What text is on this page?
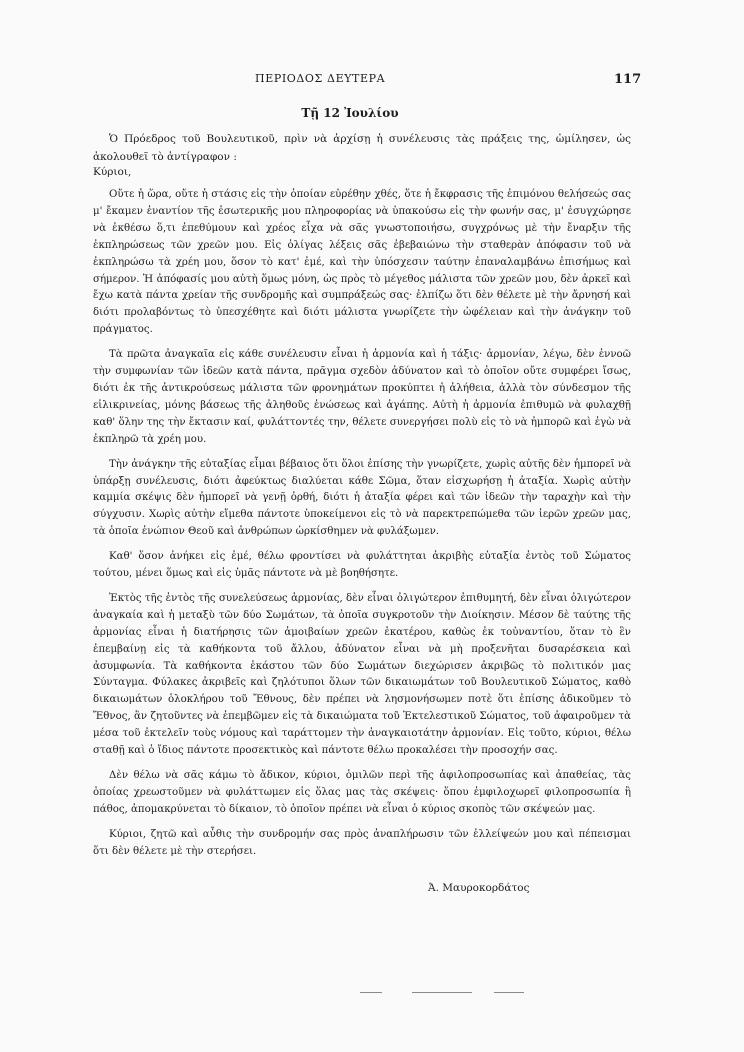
ΠΕΡΙΟΔΟΣ ΔΕΥΤΕΡΑ	117
Τῇ 12 Ἰουλίου
Ὁ Πρόεδρος τοῦ Βουλευτικοῦ, πρὶν νὰ ἀρχίσῃ ἡ συνέλευσις τὰς πράξεις της, ὡμίλησεν, ὡς ἀκολουθεῖ τὸ ἀντίγραφον :
Κύριοι,

Οὔτε ἡ ὥρα, οὔτε ἡ στάσις εἰς τὴν ὁποίαν εὑρέθην χθές, ὅτε ἡ ἔκφρασις τῆς ἐπιμόνου θελήσεώς σας μ' ἔκαμεν ἐναντίον τῆς ἐσωτερικῆς μου πληροφορίας νὰ ὑπακούσω εἰς τὴν φωνήν σας, μ' ἐσυγχώρησε νὰ ἐκθέσω ὅ,τι ἐπεθύμουν καὶ χρέος εἶχα νὰ σᾶς γνωστοποιήσω, συγχρόνως μὲ τὴν ἔναρξιν τῆς ἐκπληρώσεως τῶν χρεῶν μου. Εἰς ὀλίγας λέξεις σᾶς ἐβεβαιώνω τὴν σταθερὰν ἀπόφασιν τοῦ νὰ ἐκπληρώσω τὰ χρέη μου, ὅσον τὸ κατ' ἐμέ, καὶ τὴν ὑπόσχεσιν ταύτην ἐπαναλαμβάνω ἐπισήμως καὶ σήμερον. Ἡ ἀπόφασίς μου αὐτὴ ὅμως μόνη, ὡς πρὸς τὸ μέγεθος μάλιστα τῶν χρεῶν μου, δὲν ἀρκεῖ καὶ ἔχω κατὰ πάντα χρείαν τῆς συνδρομῆς καὶ συμπράξεώς σας· ἐλπίζω ὅτι δὲν θέλετε μὲ τὴν ἄρνησή καὶ διότι προλαβόντως τὸ ὑπεσχέθητε καὶ διότι μάλιστα γνωρίζετε τὴν ὠφέλειαν καὶ τὴν ἀνάγκην τοῦ πράγματος.

Τὰ πρῶτα ἀναγκαῖα εἰς κάθε συνέλευσιν εἶναι ἡ ἁρμονία καὶ ἡ τάξις· ἁρμονίαν, λέγω, δὲν ἐννοῶ τὴν συμφωνίαν τῶν ἰδεῶν κατὰ πάντα, πρᾶγμα σχεδὸν ἀδύνατον καὶ τὸ ὁποῖον οὔτε συμφέρει ἴσως, διότι ἐκ τῆς ἀντικρούσεως μάλιστα τῶν φρονημάτων προκύπτει ἡ ἀλήθεια, ἀλλὰ τὸν σύνδεσμον τῆς εἰλικρινείας, μόνης βάσεως τῆς ἀληθοῦς ἑνώσεως καὶ ἀγάπης. Αὐτὴ ἡ ἁρμονία ἐπιθυμῶ νὰ φυλαχθῇ καθ' ὅλην της τὴν ἔκτασιν καί, φυλάττοντές την, θέλετε συνεργήσει πολὺ εἰς τὸ νὰ ἠμπορῶ καὶ ἐγὼ νὰ ἐκπληρῶ τὰ χρέη μου.

Τὴν ἀνάγκην τῆς εὐταξίας εἶμαι βέβαιος ὅτι ὅλοι ἐπίσης τὴν γνωρίζετε, χωρὶς αὐτῆς δὲν ἠμπορεῖ νὰ ὑπάρξῃ συνέλευσις, διότι ἀφεύκτως διαλύεται κάθε Σῶμα, ὅταν εἰσχωρήσῃ ἡ ἀταξία. Χωρὶς αὐτὴν καμμία σκέψις δὲν ἠμπορεῖ νὰ γενῇ ὀρθή, διότι ἡ ἀταξία φέρει καὶ τῶν ἰδεῶν τὴν ταραχὴν καὶ τὴν σύγχυσιν. Χωρὶς αὐτὴν εἴμεθα πάντοτε ὑποκείμενοι εἰς τὸ νὰ παρεκτρεπώμεθα τῶν ἱερῶν χρεῶν μας, τὰ ὁποῖα ἐνώπιον Θεοῦ καὶ ἀνθρώπων ὡρκίσθημεν νὰ φυλάξωμεν.

Καθ' ὅσον ἀνήκει εἰς ἐμέ, θέλω φροντίσει νὰ φυλάττηται ἀκριβὴς εὐταξία ἐντὸς τοῦ Σώματος τούτου, μένει ὅμως καὶ εἰς ὑμᾶς πάντοτε νὰ μὲ βοηθήσητε.

Ἐκτὸς τῆς ἐντὸς τῆς συνελεύσεως ἁρμονίας, δὲν εἶναι ὀλιγώτερον ἐπιθυμητή, δὲν εἶναι ὀλιγώτερον ἀναγκαία καὶ ἡ μεταξὺ τῶν δύο Σωμάτων, τὰ ὁποῖα συγκροτοῦν τὴν Διοίκησιν. Μέσον δὲ ταύτης τῆς ἁρμονίας εἶναι ἡ διατήρησις τῶν ἀμοιβαίων χρεῶν ἑκατέρου, καθὼς ἐκ τοὐναντίου, ὅταν τὸ ἓν ἐπεμβαίνῃ εἰς τὰ καθήκοντα τοῦ ἄλλου, ἀδύνατον εἶναι νὰ μὴ προξενῆται δυσαρέσκεια καὶ ἀσυμφωνία. Τὰ καθήκοντα ἑκάστου τῶν δύο Σωμάτων διεχώρισεν ἀκριβῶς τὸ πολιτικόν μας Σύνταγμα. Φύλακες ἀκριβεῖς καὶ ζηλότυποι ὅλων τῶν δικαιωμάτων τοῦ Βουλευτικοῦ Σώματος, καθὸ δικαιωμάτων ὁλοκλήρου τοῦ Ἔθνους, δὲν πρέπει νὰ λησμονήσωμεν ποτὲ ὅτι ἐπίσης ἀδικοῦμεν τὸ Ἔθνος, ἂν ζητοῦντες νὰ ἐπεμβῶμεν εἰς τὰ δικαιώματα τοῦ Ἐκτελεστικοῦ Σώματος, τοῦ ἀφαιροῦμεν τὰ μέσα τοῦ ἐκτελεῖν τοὺς νόμους καὶ ταράττομεν τὴν ἀναγκαιοτάτην ἁρμονίαν. Εἰς τοῦτο, κύριοι, θέλω σταθῇ καὶ ὁ ἴδιος πάντοτε προσεκτικὸς καὶ πάντοτε θέλω προκαλέσει τὴν προσοχήν σας.

Δὲν θέλω νὰ σᾶς κάμω τὸ ἄδικον, κύριοι, ὁμιλῶν περὶ τῆς ἀφιλοπροσωπίας καὶ ἀπαθείας, τὰς ὁποίας χρεωστοῦμεν νὰ φυλάττωμεν εἰς ὅλας μας τὰς σκέψεις· ὅπου ἐμφιλοχωρεῖ φιλοπροσωπία ἢ πάθος, ἀπομακρύνεται τὸ δίκαιον, τὸ ὁποῖον πρέπει νὰ εἶναι ὁ κύριος σκοπὸς τῶν σκέψεών μας.

Κύριοι, ζητῶ καὶ αὖθις τὴν συνδρομήν σας πρὸς ἀναπλήρωσιν τῶν ἐλλείψεών μου καὶ πέπεισμαι ὅτι δὲν θέλετε μὲ τὴν στερήσει.

Ἀ. Μαυροκορδάτος
